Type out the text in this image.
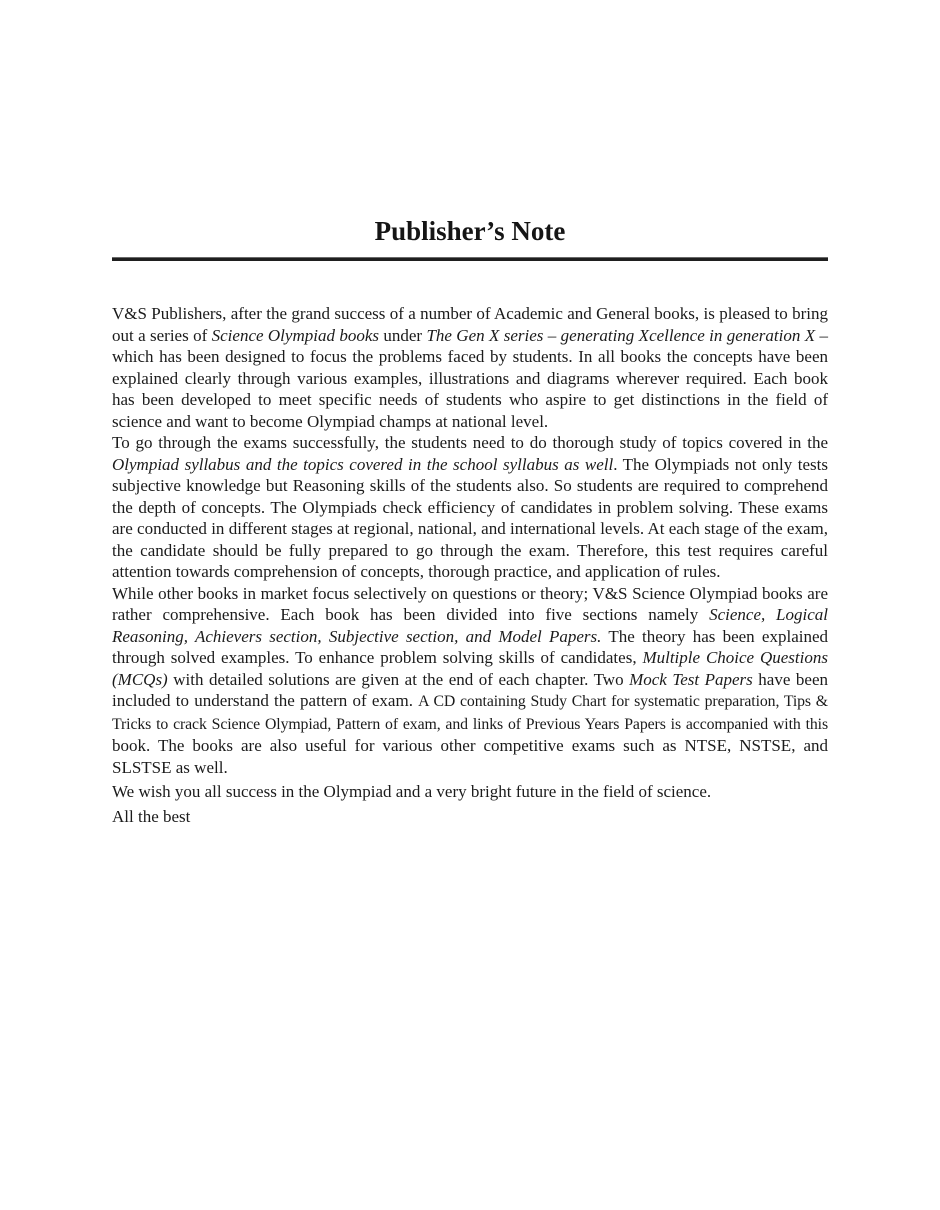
Publisher’s Note

V&S Publishers, after the grand success of a number of Academic and General books, is pleased to bring out a series of Science Olympiad books under The Gen X series – generating Xcellence in generation X – which has been designed to focus the problems faced by students. In all books the concepts have been explained clearly through various examples, illustrations and diagrams wherever required. Each book has been developed to meet specific needs of students who aspire to get distinctions in the field of science and want to become Olympiad champs at national level.

To go through the exams successfully, the students need to do thorough study of topics covered in the Olympiad syllabus and the topics covered in the school syllabus as well. The Olympiads not only tests subjective knowledge but Reasoning skills of the students also. So students are required to comprehend the depth of concepts. The Olympiads check efficiency of candidates in problem solving. These exams are conducted in different stages at regional, national, and international levels. At each stage of the exam, the candidate should be fully prepared to go through the exam. Therefore, this test requires careful attention towards comprehension of concepts, thorough practice, and application of rules.

While other books in market focus selectively on questions or theory; V&S Science Olympiad books are rather comprehensive. Each book has been divided into five sections namely Science, Logical Reasoning, Achievers section, Subjective section, and Model Papers. The theory has been explained through solved examples. To enhance problem solving skills of candidates, Multiple Choice Questions (MCQs) with detailed solutions are given at the end of each chapter. Two Mock Test Papers have been included to understand the pattern of exam. A CD containing Study Chart for systematic preparation, Tips & Tricks to crack Science Olympiad, Pattern of exam, and links of Previous Years Papers is accompanied with this book. The books are also useful for various other competitive exams such as NTSE, NSTSE, and SLSTSE as well.

We wish you all success in the Olympiad and a very bright future in the field of science.

All the best
